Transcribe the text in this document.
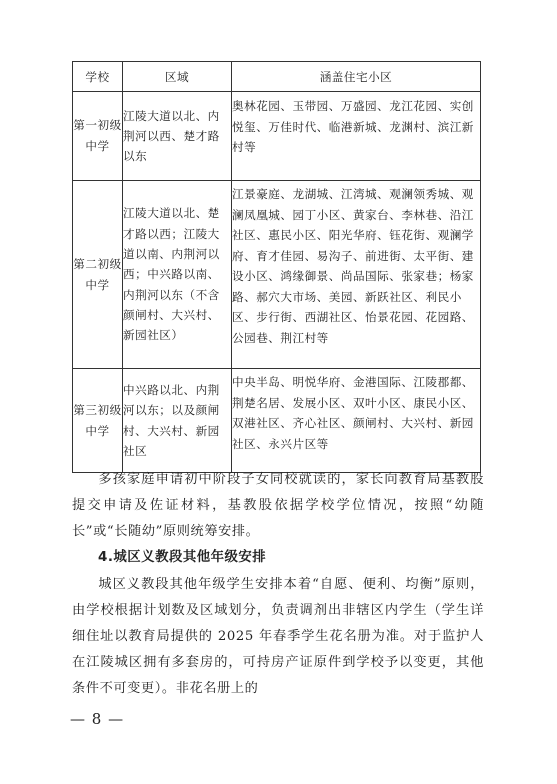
学校	区域	涵盖住宅小区
第一初级中学	江陵大道以北、内荆河以西、楚才路以东	奥林花园、玉带园、万盛园、龙江花园、实创悦玺、万佳时代、临港新城、龙渊村、滨江新村等
第二初级中学	江陵大道以北、楚才路以西；江陵大道以南、内荆河以西；中兴路以南、内荆河以东（不含颜闸村、大兴村、新园社区）	江景豪庭、龙湖城、江湾城、观澜领秀城、观澜凤凰城、园丁小区、黄家台、李林巷、沿江社区、惠民小区、阳光华府、钰花街、观澜学府、育才佳园、易沟子、前进街、太平街、建设小区、鸿缘御景、尚品国际、张家巷；杨家路、郝穴大市场、美园、新跃社区、利民小区、步行街、西湖社区、怡景花园、花园路、公园巷、荆江村等
第三初级中学	中兴路以北、内荆河以东；以及颜闸村、大兴村、新园社区	中央半岛、明悦华府、金港国际、江陵郡都、荆楚名居、发展小区、双叶小区、康民小区、双港社区、齐心社区、颜闸村、大兴村、新园社区、永兴片区等

多孩家庭申请初中阶段子女同校就读的，家长向教育局基教股提交申请及佐证材料，基教股依据学校学位情况，按照“幼随长”或“长随幼”原则统筹安排。

4.城区义教段其他年级安排

城区义教段其他年级学生安排本着“自愿、便利、均衡”原则，由学校根据计划数及区域划分，负责调剂出非辖区内学生（学生详细住址以教育局提供的 2025 年春季学生花名册为准。对于监护人在江陵城区拥有多套房的，可持房产证原件到学校予以变更，其他条件不可变更）。非花名册上的

— 8 —
